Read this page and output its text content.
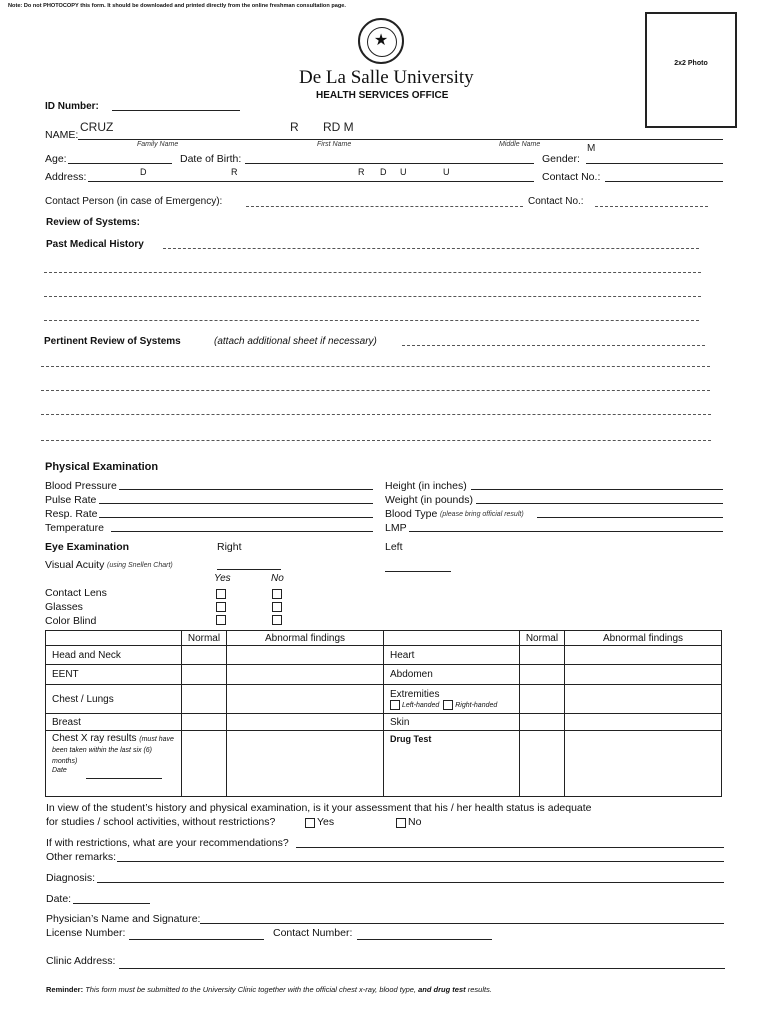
Note: Do not PHOTOCOPY this form. It should be downloaded and printed directly from the online freshman consultation page.
2x2 Photo
★
De La Salle University
HEALTH SERVICES OFFICE
ID Number:
NAME:
CRUZ	R RD M
Family Name	First Name	Middle Name	M
Age:	Date of Birth:	Gender:
D	R
Address:	R D U	U	Contact No.:
Contact Person (in case of Emergency):	Contact No.:
Review of Systems:
Past Medical History
Pertinent Review of Systems	(attach additional sheet if necessary)
Physical Examination
Blood Pressure
Pulse Rate
Resp. Rate
Temperature
Height (in inches)
Weight (in pounds)
Blood Type (please bring official result)
LMP
Eye Examination	Right	Left
Visual Acuity (using Snellen Chart)
Yes	No
Contact Lens
Glasses
Color Blind
	Normal	Abnormal findings		Normal	Abnormal findings
Head and Neck			Heart		
EENT			Abdomen		
Chest / Lungs			Extremities
Left-handed Right-handed		

Breast			Skin		
Chest X ray results (must have been taken within the last six (6) months)
Date			Drug Test		
In view of the student’s history and physical examination, is it your assessment that his / her health status is adequate
for studies / school activities, without restrictions?	Yes	No
If with restrictions, what are your recommendations?
Other remarks:
Diagnosis:
Date:
Physician’s Name and Signature:
License Number:	Contact Number:
Clinic Address:
Reminder: This form must be submitted to the University Clinic together with the official chest x-ray, blood type, and drug test results.
